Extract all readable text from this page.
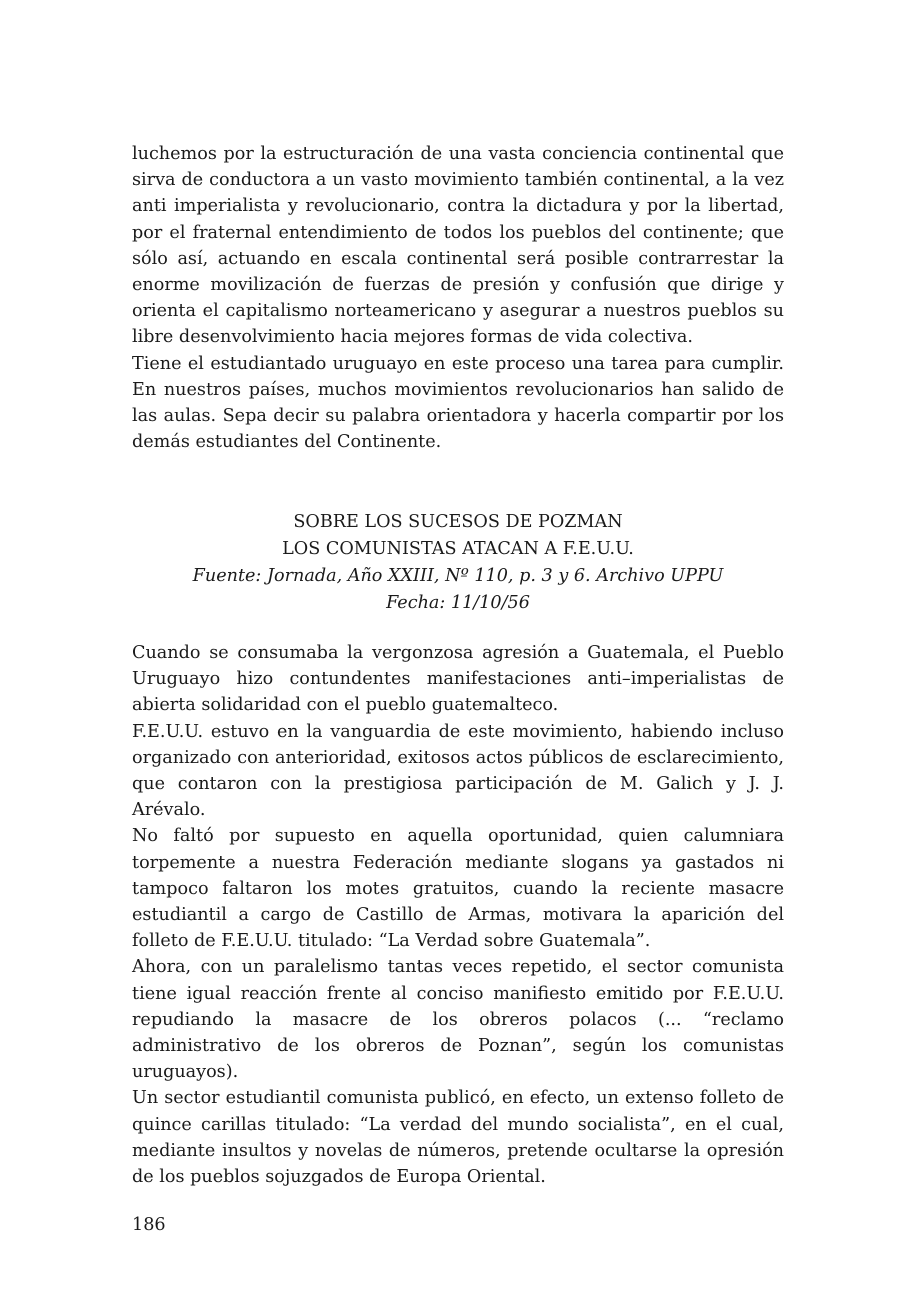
luchemos por la estructuración de una vasta conciencia continental que sirva de conductora a un vasto movimiento también continental, a la vez anti imperialista y revolucionario, contra la dictadura y por la libertad, por el fraternal entendimiento de todos los pueblos del continente; que sólo así, actuando en escala continental será posible contrarrestar la enorme movilización de fuerzas de presión y confusión que dirige y orienta el capitalismo norteamericano y asegurar a nuestros pueblos su libre desenvolvimiento hacia mejores formas de vida colectiva.

Tiene el estudiantado uruguayo en este proceso una tarea para cumplir. En nuestros países, muchos movimientos revolucionarios han salido de las aulas. Sepa decir su palabra orientadora y hacerla compartir por los demás estudiantes del Continente.

SOBRE LOS SUCESOS DE POZMAN
LOS COMUNISTAS ATACAN A F.E.U.U.
Fuente: Jornada, Año XXIII, Nº 110, p. 3 y 6. Archivo UPPU
Fecha: 11/10/56

Cuando se consumaba la vergonzosa agresión a Guatemala, el Pueblo Uruguayo hizo contundentes manifestaciones anti–imperialistas de abierta solidaridad con el pueblo guatemalteco.

F.E.U.U. estuvo en la vanguardia de este movimiento, habiendo incluso organizado con anterioridad, exitosos actos públicos de esclarecimiento, que contaron con la prestigiosa participación de M. Galich y J. J. Arévalo.

No faltó por supuesto en aquella oportunidad, quien calumniara torpemente a nuestra Federación mediante slogans ya gastados ni tampoco faltaron los motes gratuitos, cuando la reciente masacre estudiantil a cargo de Castillo de Armas, motivara la aparición del folleto de F.E.U.U. titulado: “La Verdad sobre Guatemala”.

Ahora, con un paralelismo tantas veces repetido, el sector comunista tiene igual reacción frente al conciso manifiesto emitido por F.E.U.U. repudiando la masacre de los obreros polacos (... “reclamo administrativo de los obreros de Poznan”, según los comunistas uruguayos).

Un sector estudiantil comunista publicó, en efecto, un extenso folleto de quince carillas titulado: “La verdad del mundo socialista”, en el cual, mediante insultos y novelas de números, pretende ocultarse la opresión de los pueblos sojuzgados de Europa Oriental.

186
